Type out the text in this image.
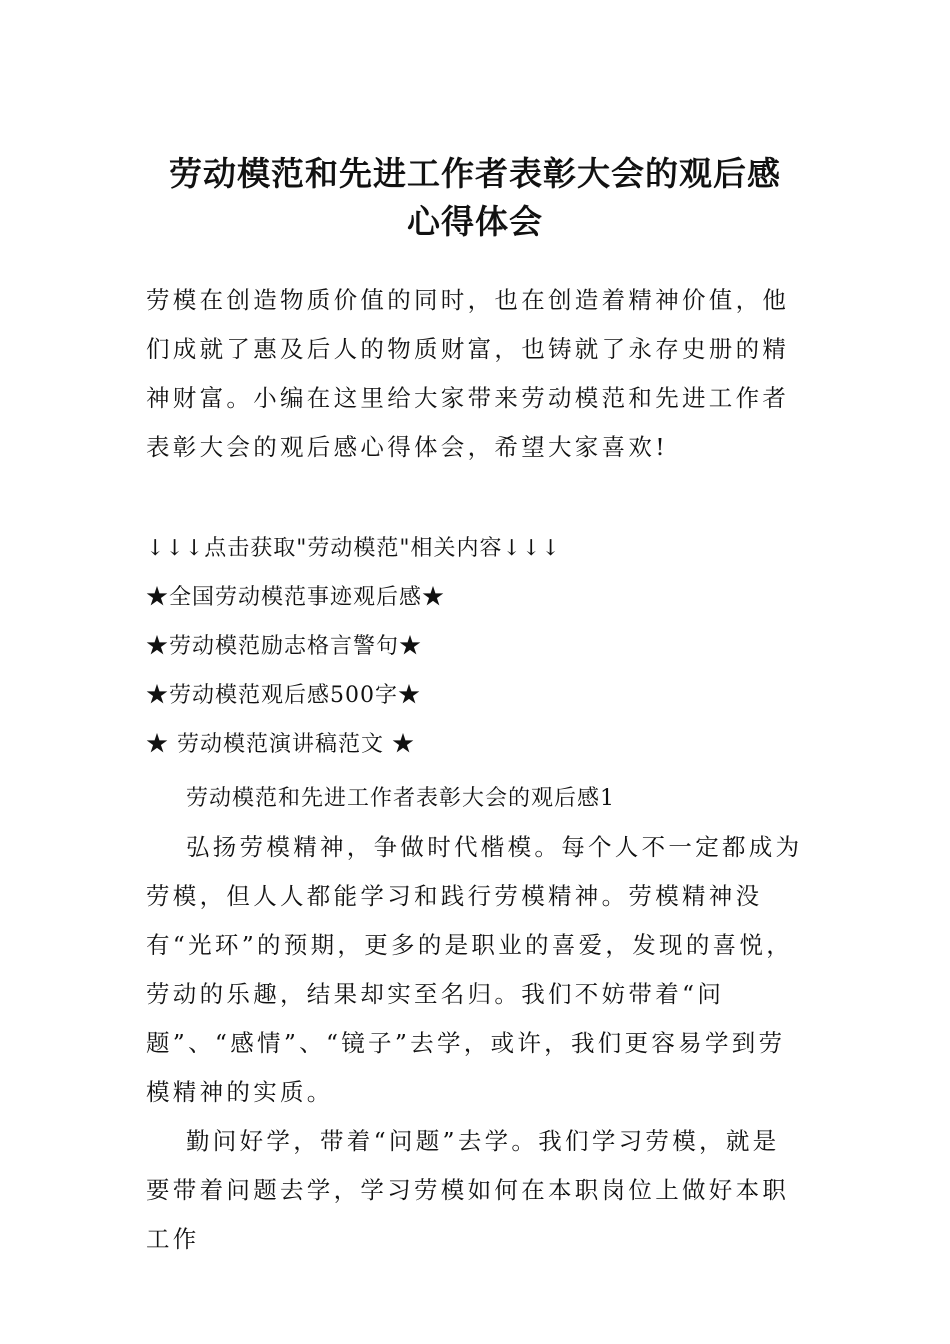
劳动模范和先进工作者表彰大会的观后感
心得体会

劳模在创造物质价值的同时，也在创造着精神价值，他们成就了惠及后人的物质财富，也铸就了永存史册的精神财富。小编在这里给大家带来劳动模范和先进工作者表彰大会的观后感心得体会，希望大家喜欢!

↓↓↓点击获取"劳动模范"相关内容↓↓↓
★全国劳动模范事迹观后感★
★劳动模范励志格言警句★
★劳动模范观后感500字★
★ 劳动模范演讲稿范文 ★

劳动模范和先进工作者表彰大会的观后感1

弘扬劳模精神，争做时代楷模。每个人不一定都成为劳模，但人人都能学习和践行劳模精神。劳模精神没有“光环”的预期，更多的是职业的喜爱，发现的喜悦，劳动的乐趣，结果却实至名归。我们不妨带着“问题”、“感情”、“镜子”去学，或许，我们更容易学到劳模精神的实质。

勤问好学，带着“问题”去学。我们学习劳模，就是要带着问题去学，学习劳模如何在本职岗位上做好本职工作
